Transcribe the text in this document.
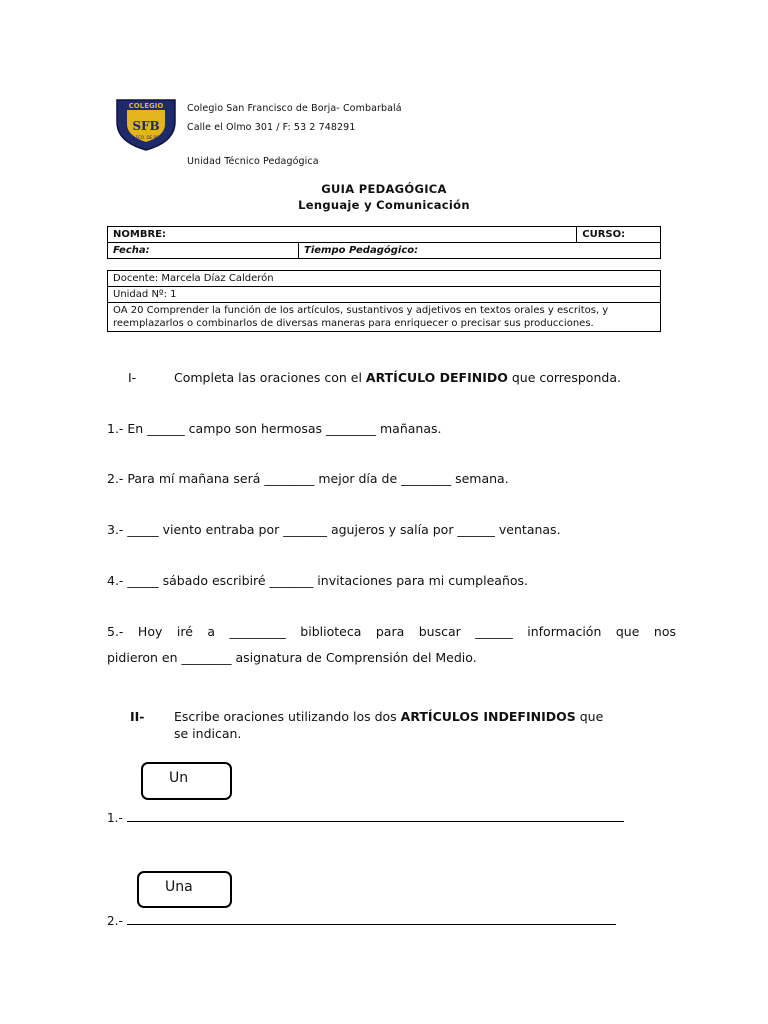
COLEGIO
SFB
SAN FCO. DE BORJA
Colegio San Francisco de Borja- Combarbalá
Calle el Olmo 301 / F: 53 2 748291
Unidad Técnico Pedagógica
GUIA PEDAGÓGICA
Lenguaje y Comunicación
NOMBRE:		CURSO:
Fecha:	Tiempo Pedagógico:	
Docente: Marcela Díaz Calderón
Unidad Nº: 1
OA 20 Comprender la función de los artículos, sustantivos y adjetivos en textos orales y escritos, y reemplazarlos o combinarlos de diversas maneras para enriquecer o precisar sus producciones.
I-	Completa las oraciones con el ARTÍCULO DEFINIDO que corresponda.
1.- En ______ campo son hermosas ________ mañanas.
2.- Para mí mañana será ________ mejor día de ________ semana.
3.- _____ viento entraba por _______ agujeros y salía por ______ ventanas.
4.- _____ sábado escribiré _______ invitaciones para mi cumpleaños.
5.- Hoy iré a _________ biblioteca para buscar ______ información que nos
pidieron en ________ asignatura de Comprensión del Medio.
II- Escribe oraciones utilizando los dos ARTÍCULOS INDEFINIDOS que
se indican.
Un
1.-
Una
2.-
